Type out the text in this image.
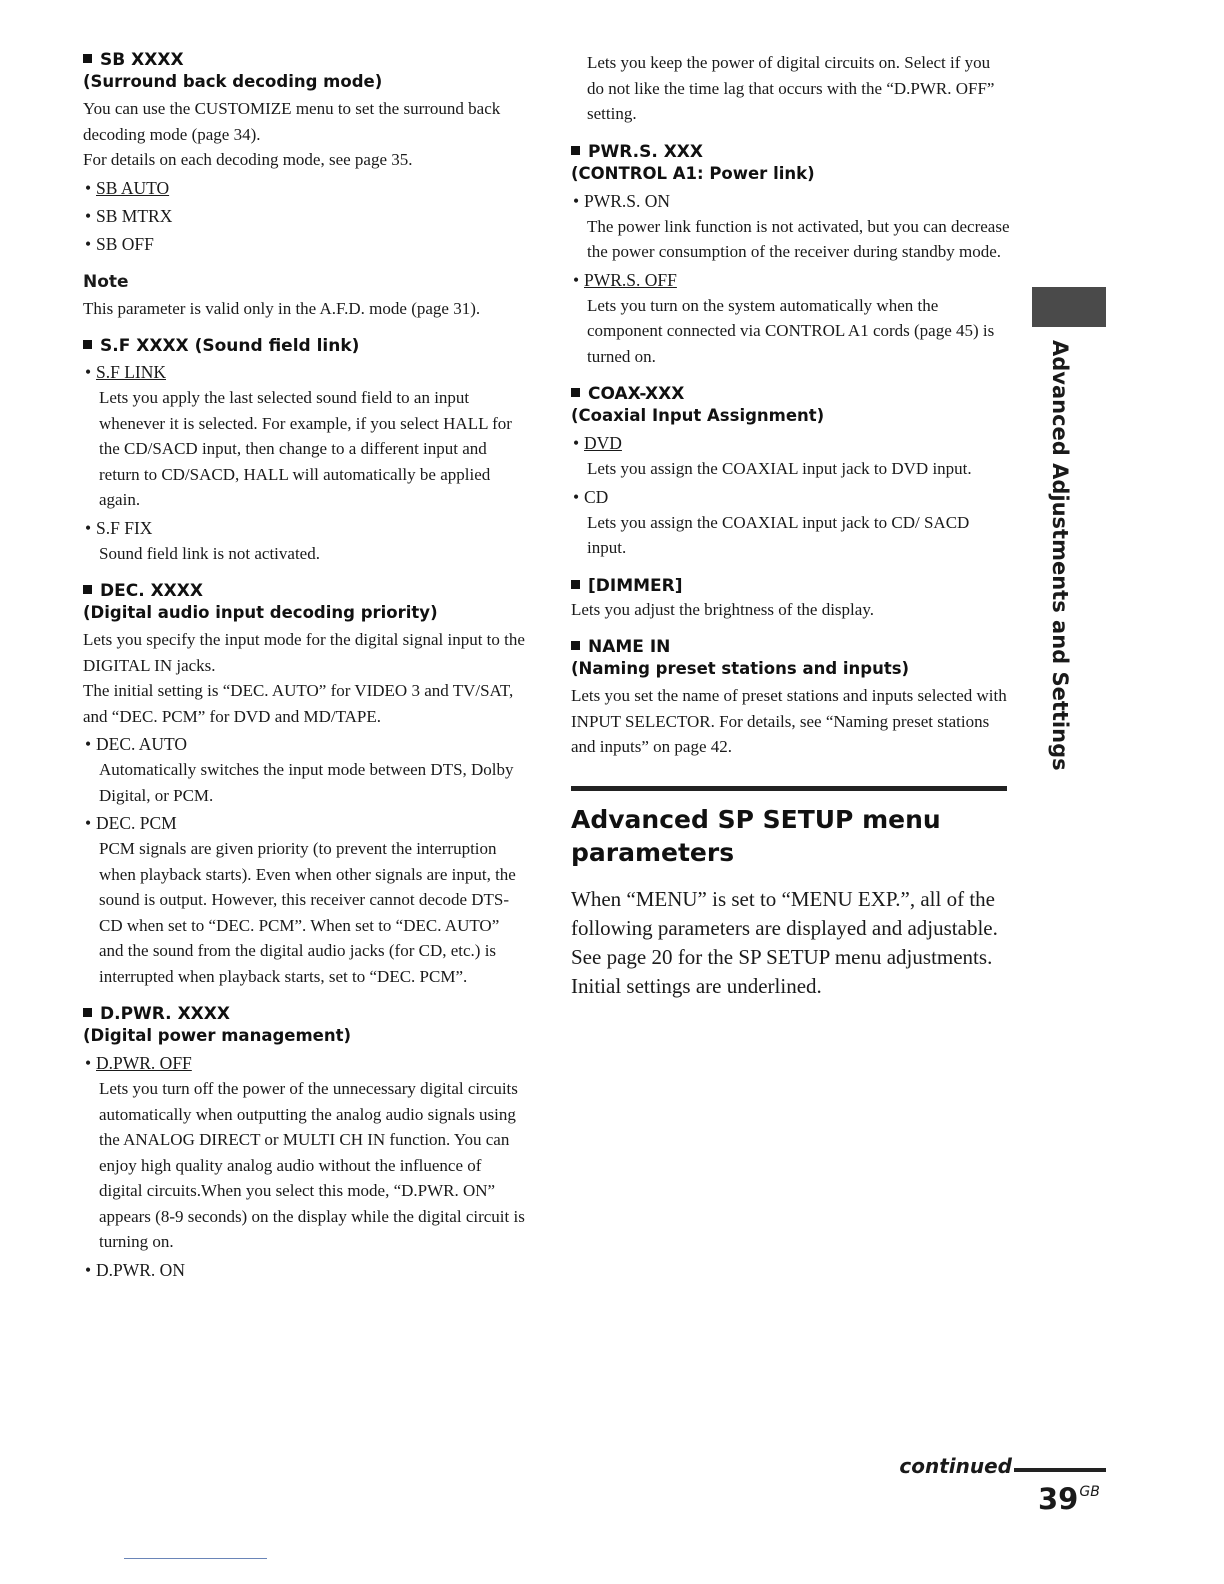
SB XXXX
(Surround back decoding mode)

You can use the CUSTOMIZE menu to set the surround back decoding mode (page 34).

For details on each decoding mode, see page 35.

• SB AUTO
• SB MTRX
• SB OFF
Note

This parameter is valid only in the A.F.D. mode (page 31).

S.F XXXX (Sound field link)
• S.F LINK
Lets you apply the last selected sound field to an input whenever it is selected. For example, if you select HALL for the CD/SACD input, then change to a different input and return to CD/SACD, HALL will automatically be applied again.
• S.F FIX
Sound field link is not activated.
DEC. XXXX
(Digital audio input decoding priority)

Lets you specify the input mode for the digital signal input to the DIGITAL IN jacks.

The initial setting is “DEC. AUTO” for VIDEO 3 and TV/SAT, and “DEC. PCM” for DVD and MD/TAPE.

• DEC. AUTO
Automatically switches the input mode between DTS, Dolby Digital, or PCM.
• DEC. PCM
PCM signals are given priority (to prevent the interruption when playback starts). Even when other signals are input, the sound is output. However, this receiver cannot decode DTS-CD when set to “DEC. PCM”. When set to “DEC. AUTO” and the sound from the digital audio jacks (for CD, etc.) is interrupted when playback starts, set to “DEC. PCM”.
D.PWR. XXXX
(Digital power management)
• D.PWR. OFF
Lets you turn off the power of the unnecessary digital circuits automatically when outputting the analog audio signals using the ANALOG DIRECT or MULTI CH IN function. You can enjoy high quality analog audio without the influence of digital circuits.When you select this mode, “D.PWR. ON” appears (8-9 seconds) on the display while the digital circuit is turning on.
• D.PWR. ON
Lets you keep the power of digital circuits on. Select if you do not like the time lag that occurs with the “D.PWR. OFF” setting.
PWR.S. XXX
(CONTROL A1: Power link)
• PWR.S. ON
The power link function is not activated, but you can decrease the power consumption of the receiver during standby mode.
• PWR.S. OFF
Lets you turn on the system automatically when the component connected via CONTROL A1 cords (page 45) is turned on.
COAX-XXX
(Coaxial Input Assignment)
• DVD
Lets you assign the COAXIAL input jack to DVD input.
• CD
Lets you assign the COAXIAL input jack to CD/ SACD input.
[DIMMER]

Lets you adjust the brightness of the display.

NAME IN
(Naming preset stations and inputs)

Lets you set the name of preset stations and inputs selected with INPUT SELECTOR. For details, see “Naming preset stations and inputs” on page 42.

Advanced SP SETUP menu parameters

When “MENU” is set to “MENU EXP.”, all of the following parameters are displayed and adjustable.

See page 20 for the SP SETUP menu adjustments. Initial settings are underlined.

Advanced Adjustments and Settings
continued
$39^{GB}$
